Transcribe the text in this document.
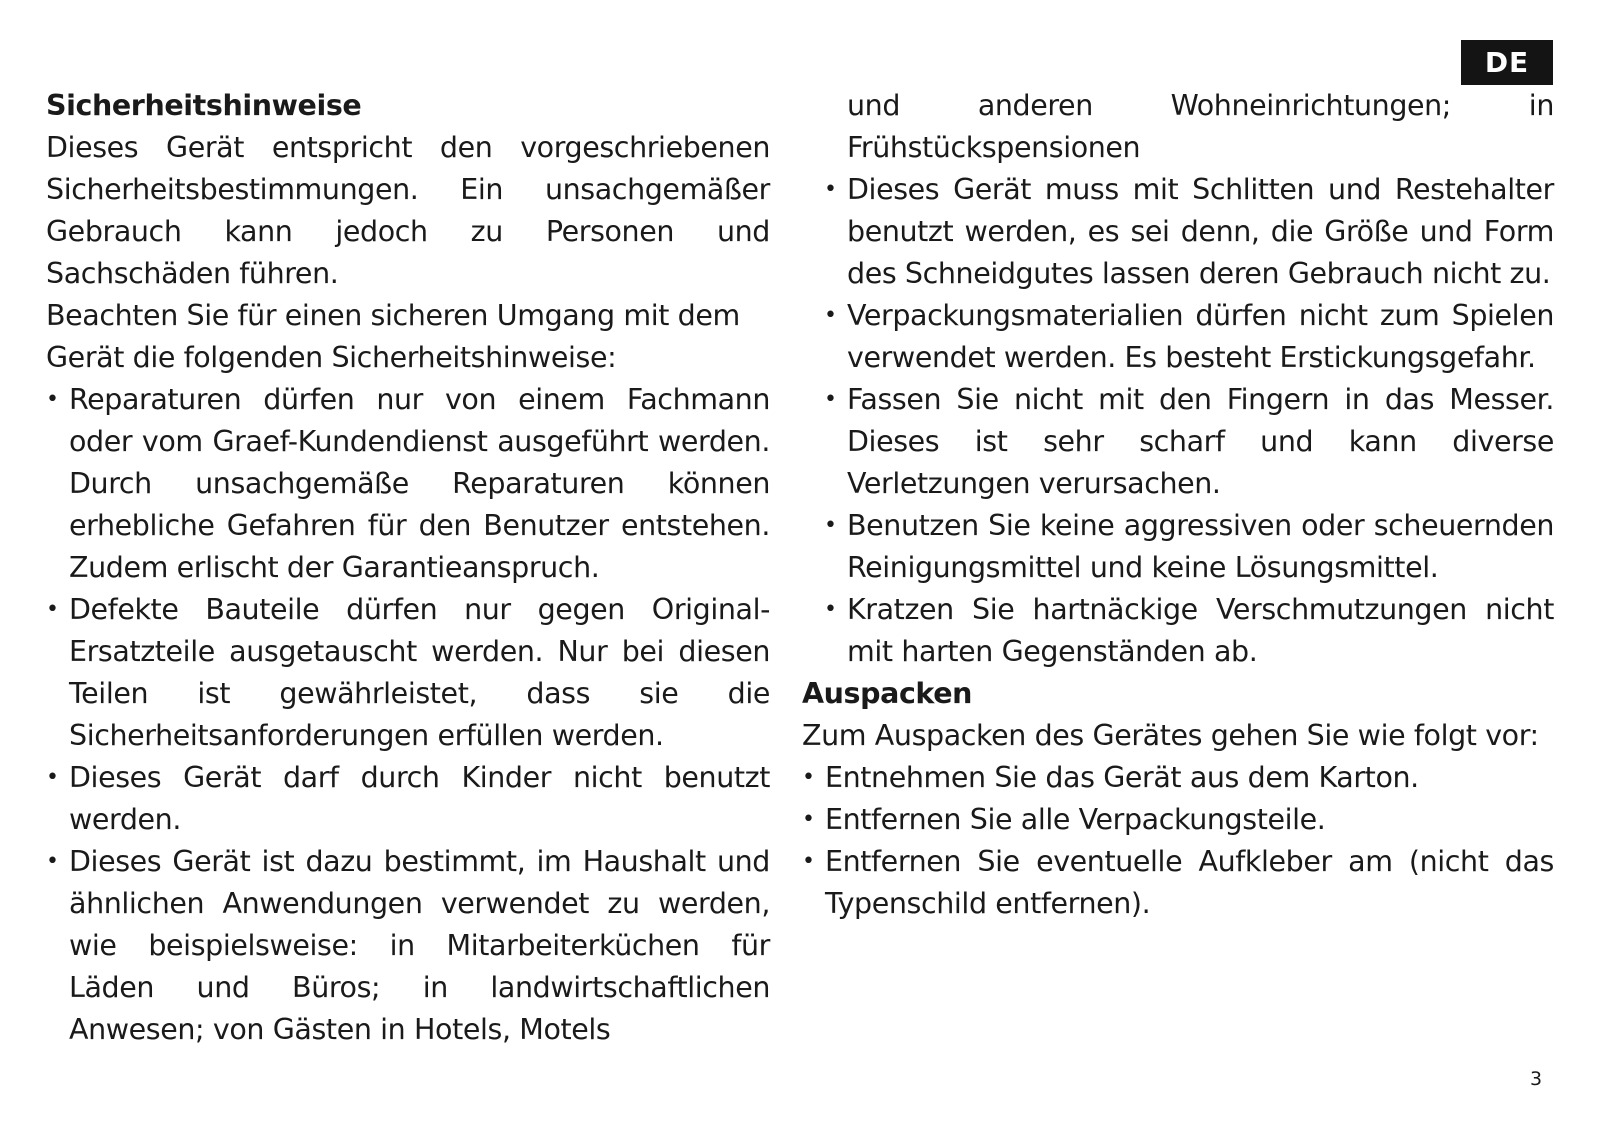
DE
Sicherheitshinweise

Dieses Gerät entspricht den vorgeschriebenen Sicherheitsbestimmungen. Ein unsachgemäßer Gebrauch kann jedoch zu Personen und Sachschäden führen.

Beachten Sie für einen sicheren Umgang mit dem Gerät die folgenden Sicherheitshinweise:

• Reparaturen dürfen nur von einem Fachmann oder vom Graef-Kundendienst ausgeführt werden. Durch unsachgemäße Reparaturen können erhebliche Gefahren für den Benutzer entstehen. Zudem erlischt der Garantieanspruch.
• Defekte Bauteile dürfen nur gegen Original-Ersatzteile ausgetauscht werden. Nur bei diesen Teilen ist gewährleistet, dass sie die Sicherheitsanforderungen erfüllen werden.
• Dieses Gerät darf durch Kinder nicht benutzt werden.
• Dieses Gerät ist dazu bestimmt, im Haushalt und ähnlichen Anwendungen verwendet zu werden, wie beispielsweise: in Mitarbeiterküchen für Läden und Büros; in landwirtschaftlichen Anwesen; von Gästen in Hotels, Motels
und anderen Wohneinrichtungen; in Frühstückspensionen
• Dieses Gerät muss mit Schlitten und Restehalter benutzt werden, es sei denn, die Größe und Form des Schneidgutes lassen deren Gebrauch nicht zu.
• Verpackungsmaterialien dürfen nicht zum Spielen verwendet werden. Es besteht Erstickungsgefahr.
• Fassen Sie nicht mit den Fingern in das Messer. Dieses ist sehr scharf und kann diverse Verletzungen verursachen.
• Benutzen Sie keine aggressiven oder scheuernden Reinigungsmittel und keine Lösungsmittel.
• Kratzen Sie hartnäckige Verschmutzungen nicht mit harten Gegenständen ab.
Auspacken

Zum Auspacken des Gerätes gehen Sie wie folgt vor:

• Entnehmen Sie das Gerät aus dem Karton.
• Entfernen Sie alle Verpackungsteile.
• Entfernen Sie eventuelle Aufkleber am (nicht das Typenschild entfernen).
3
